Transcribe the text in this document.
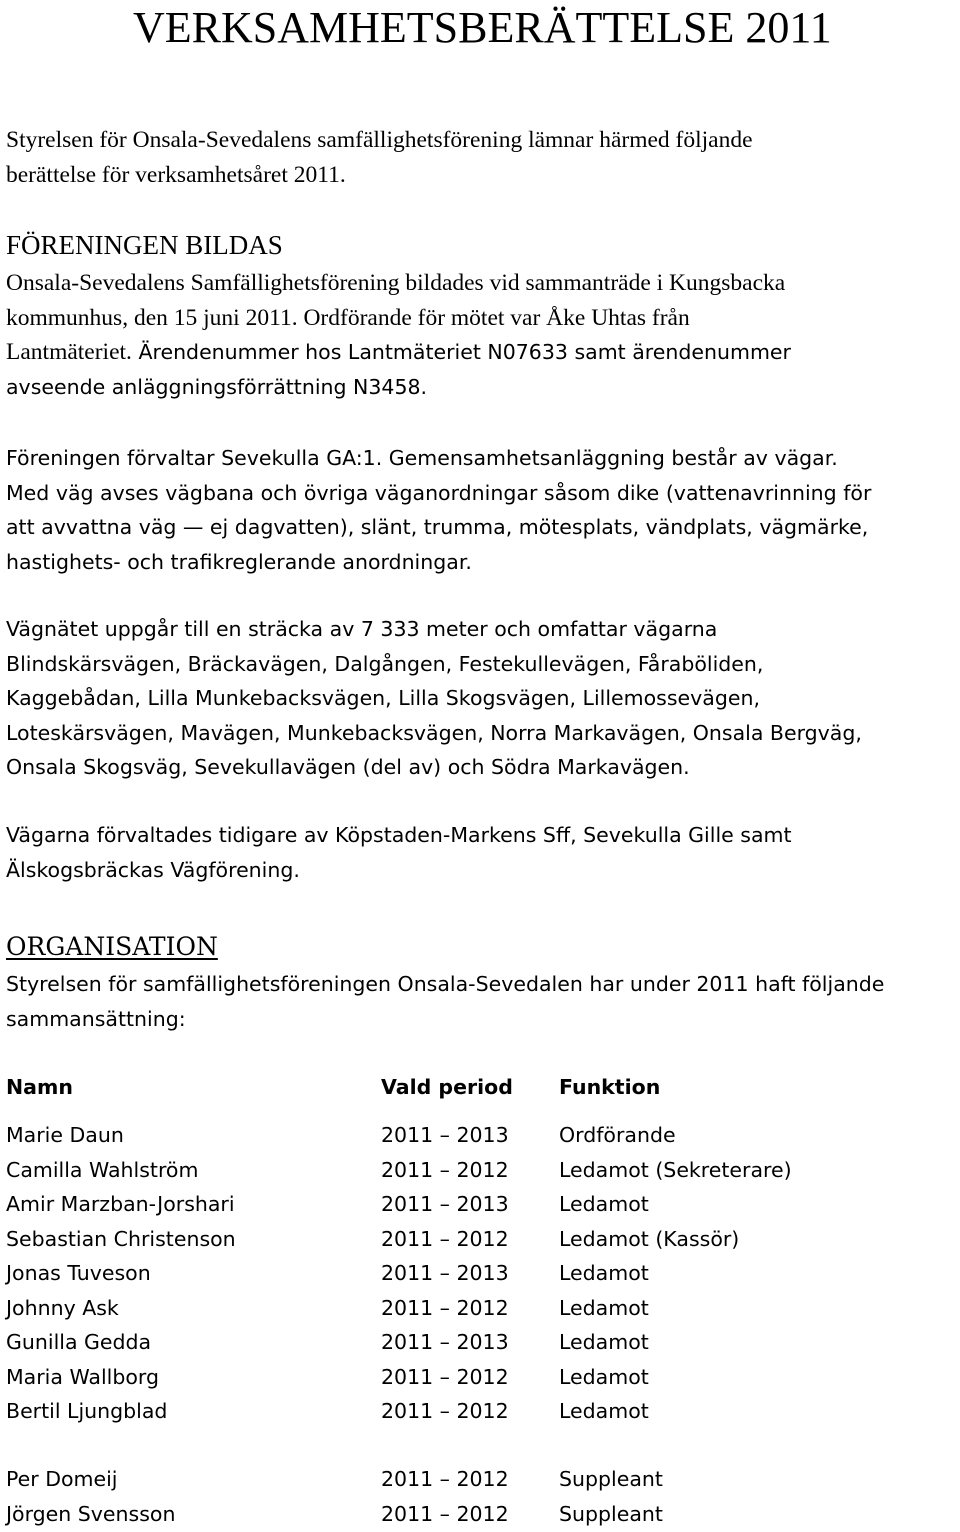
VERKSAMHETSBERÄTTELSE 2011
Styrelsen för Onsala-Sevedalens samfällighetsförening lämnar härmed följande
berättelse för verksamhetsåret 2011.
FÖRENINGEN BILDAS
Onsala-Sevedalens Samfällighetsförening bildades vid sammanträde i Kungsbacka
kommunhus, den 15 juni 2011. Ordförande för mötet var Åke Uhtas från
Lantmäteriet. Ärendenummer hos Lantmäteriet N07633 samt ärendenummer
avseende anläggningsförrättning N3458.
Föreningen förvaltar Sevekulla GA:1. Gemensamhetsanläggning består av vägar.
Med väg avses vägbana och övriga väganordningar såsom dike (vattenavrinning för
att avvattna väg — ej dagvatten), slänt, trumma, mötesplats, vändplats, vägmärke,
hastighets- och trafikreglerande anordningar.
Vägnätet uppgår till en sträcka av 7 333 meter och omfattar vägarna
Blindskärsvägen, Bräckavägen, Dalgången, Festekullevägen, Fåraböliden,
Kaggebådan, Lilla Munkebacksvägen, Lilla Skogsvägen, Lillemossevägen,
Loteskärsvägen, Mavägen, Munkebacksvägen, Norra Markavägen, Onsala Bergväg,
Onsala Skogsväg, Sevekullavägen (del av) och Södra Markavägen.
Vägarna förvaltades tidigare av Köpstaden-Markens Sff, Sevekulla Gille samt
Älskogsbräckas Vägförening.
ORGANISATION
Styrelsen för samfällighetsföreningen Onsala-Sevedalen har under 2011 haft följande
sammansättning:
Namn	Vald period Funktion
Marie Daun	2011 – 2013 Ordförande
Camilla Wahlström	2011 – 2012 Ledamot (Sekreterare)
Amir Marzban-Jorshari	2011 – 2013 Ledamot
Sebastian Christenson	2011 – 2012 Ledamot (Kassör)
Jonas Tuveson	2011 – 2013 Ledamot
Johnny Ask	2011 – 2012 Ledamot
Gunilla Gedda	2011 – 2013 Ledamot
Maria Wallborg	2011 – 2012 Ledamot
Bertil Ljungblad	2011 – 2012 Ledamot
Per Domeij	2011 – 2012 Suppleant
Jörgen Svensson	2011 – 2012 Suppleant
